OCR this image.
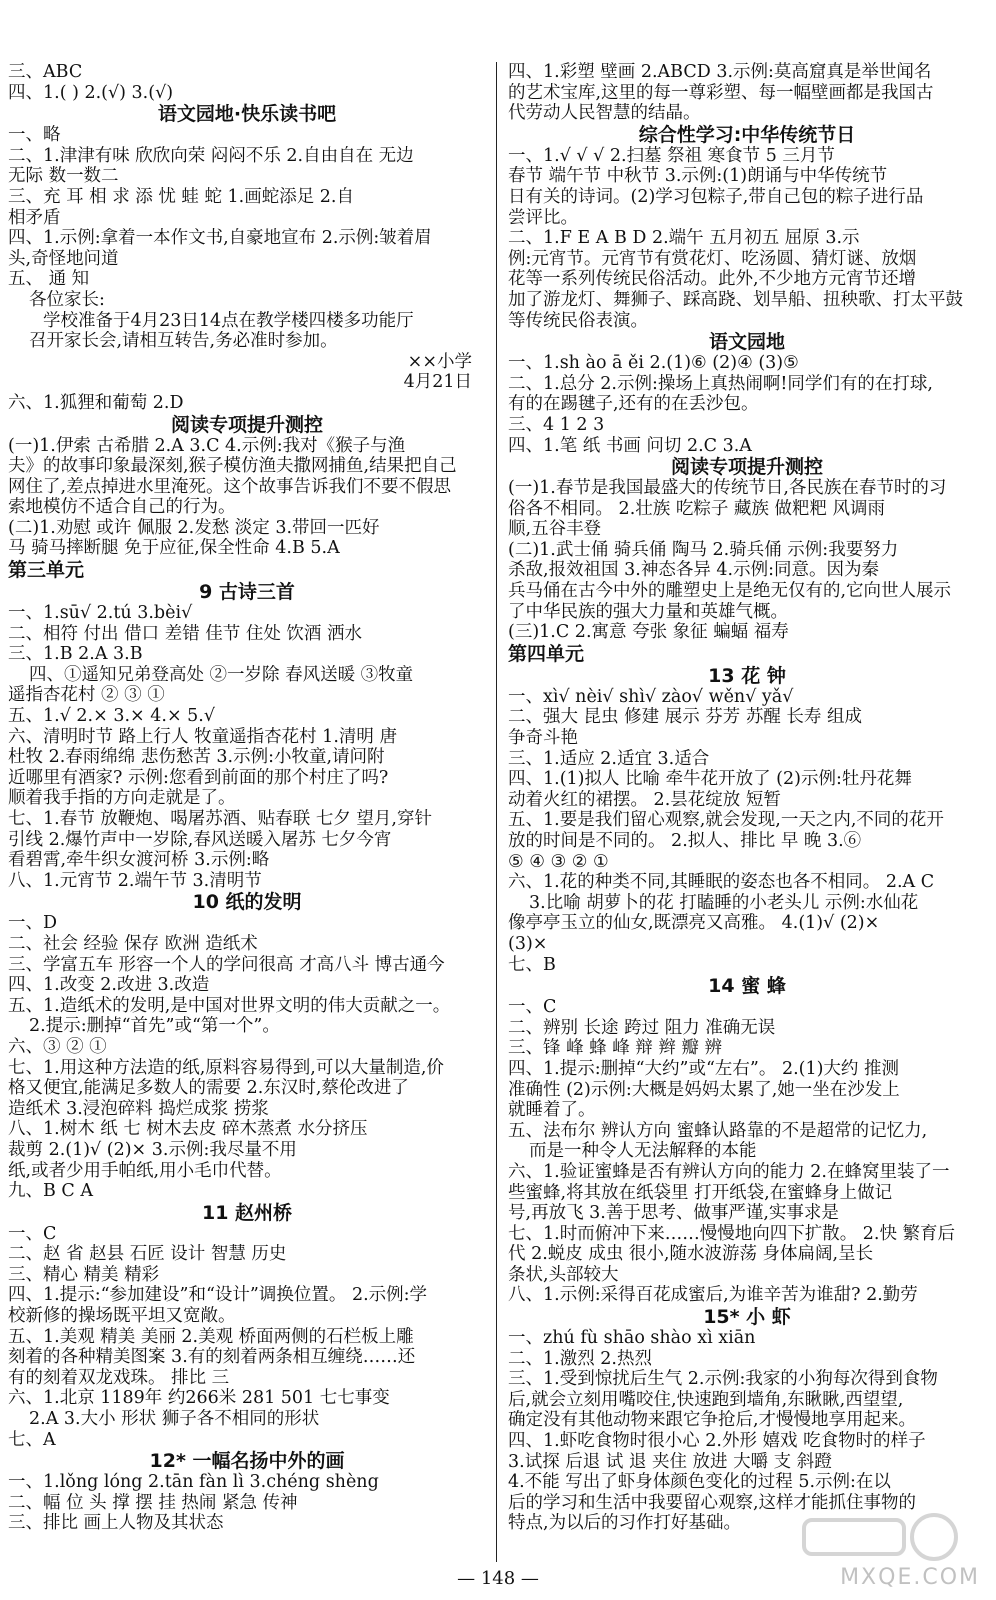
三、ABC
四、1.( ) 2.(√) 3.(√)
语文园地·快乐读书吧
一、略
二、1.津津有味 欣欣向荣 闷闷不乐 2.自由自在 无边
无际 数一数二
三、充 耳 相 求 添 忧 蛙 蛇 1.画蛇添足 2.自
相矛盾
四、1.示例:拿着一本作文书,自豪地宣布 2.示例:皱着眉
头,奇怪地问道
五、 通 知
各位家长:
学校准备于4月23日14点在教学楼四楼多功能厅
召开家长会,请相互转告,务必准时参加。
××小学
4月21日
六、1.狐狸和葡萄 2.D
阅读专项提升测控
(一)1.伊索 古希腊 2.A 3.C 4.示例:我对《猴子与渔
夫》的故事印象最深刻,猴子模仿渔夫撒网捕鱼,结果把自己
网住了,差点掉进水里淹死。这个故事告诉我们不要不假思
索地模仿不适合自己的行为。
(二)1.劝慰 或许 佩服 2.发愁 淡定 3.带回一匹好
马 骑马摔断腿 免于应征,保全性命 4.B 5.A
第三单元
9 古诗三首
一、1.sū√ 2.tú 3.bèi√
二、相符 付出 借口 差错 佳节 住处 饮酒 洒水
三、1.B 2.A 3.B
四、①遥知兄弟登高处 ②一岁除 春风送暖 ③牧童
遥指杏花村 ② ③ ①
五、1.√ 2.× 3.× 4.× 5.√
六、清明时节 路上行人 牧童遥指杏花村 1.清明 唐
杜牧 2.春雨绵绵 悲伤愁苦 3.示例:小牧童,请问附
近哪里有酒家? 示例:您看到前面的那个村庄了吗?
顺着我手指的方向走就是了。
七、1.春节 放鞭炮、喝屠苏酒、贴春联 七夕 望月,穿针
引线 2.爆竹声中一岁除,春风送暖入屠苏 七夕今宵
看碧霄,牵牛织女渡河桥 3.示例:略
八、1.元宵节 2.端午节 3.清明节
10 纸的发明
一、D
二、社会 经验 保存 欧洲 造纸术
三、学富五车 形容一个人的学问很高 才高八斗 博古通今
四、1.改变 2.改进 3.改造
五、1.造纸术的发明,是中国对世界文明的伟大贡献之一。
2.提示:删掉“首先”或“第一个”。
六、③ ② ①
七、1.用这种方法造的纸,原料容易得到,可以大量制造,价
格又便宜,能满足多数人的需要 2.东汉时,蔡伦改进了
造纸术 3.浸泡碎料 捣烂成浆 捞浆
八、1.树木 纸 七 树木去皮 碎木蒸煮 水分挤压
裁剪 2.(1)√ (2)× 3.示例:我尽量不用
纸,或者少用手帕纸,用小毛巾代替。
九、B C A
11 赵州桥
一、C
二、赵 省 赵县 石匠 设计 智慧 历史
三、精心 精美 精彩
四、1.提示:“参加建设”和“设计”调换位置。 2.示例:学
校新修的操场既平坦又宽敞。
五、1.美观 精美 美丽 2.美观 桥面两侧的石栏板上雕
刻着的各种精美图案 3.有的刻着两条相互缠绕……还
有的刻着双龙戏珠。 排比 三
六、1.北京 1189年 约266米 281 501 七七事变
2.A 3.大小 形状 狮子各不相同的形状
七、A
12* 一幅名扬中外的画
一、1.lǒng lóng 2.tān fàn lì 3.chéng shèng
二、幅 位 头 撑 摆 挂 热闹 紧急 传神
三、排比 画上人物及其状态
四、1.彩塑 壁画 2.ABCD 3.示例:莫高窟真是举世闻名
的艺术宝库,这里的每一尊彩塑、每一幅壁画都是我国古
代劳动人民智慧的结晶。
综合性学习:中华传统节日
一、1.√ √ √ 2.扫墓 祭祖 寒食节 5 三月节
春节 端午节 中秋节 3.示例:(1)朗诵与中华传统节
日有关的诗词。(2)学习包粽子,带自己包的粽子进行品
尝评比。
二、1.F E A B D 2.端午 五月初五 屈原 3.示
例:元宵节。元宵节有赏花灯、吃汤圆、猜灯谜、放烟
花等一系列传统民俗活动。此外,不少地方元宵节还增
加了游龙灯、舞狮子、踩高跷、划旱船、扭秧歌、打太平鼓
等传统民俗表演。
语文园地
一、1.sh ào ā ěi 2.(1)⑥ (2)④ (3)⑤
二、1.总分 2.示例:操场上真热闹啊!同学们有的在打球,
有的在踢毽子,还有的在丢沙包。
三、4 1 2 3
四、1.笔 纸 书画 问切 2.C 3.A
阅读专项提升测控
(一)1.春节是我国最盛大的传统节日,各民族在春节时的习
俗各不相同。 2.壮族 吃粽子 藏族 做粑粑 风调雨
顺,五谷丰登
(二)1.武士俑 骑兵俑 陶马 2.骑兵俑 示例:我要努力
杀敌,报效祖国 3.神态各异 4.示例:同意。因为秦
兵马俑在古今中外的雕塑史上是绝无仅有的,它向世人展示
了中华民族的强大力量和英雄气概。
(三)1.C 2.寓意 夸张 象征 蝙蝠 福寿
第四单元
13 花 钟
一、xì√ nèi√ shì√ zào√ wěn√ yǎ√
二、强大 昆虫 修建 展示 芬芳 苏醒 长寿 组成
争奇斗艳
三、1.适应 2.适宜 3.适合
四、1.(1)拟人 比喻 牵牛花开放了 (2)示例:牡丹花舞
动着火红的裙摆。 2.昙花绽放 短暂
五、1.要是我们留心观察,就会发现,一天之内,不同的花开
放的时间是不同的。 2.拟人、排比 早 晚 3.⑥
⑤ ④ ③ ② ①
六、1.花的种类不同,其睡眠的姿态也各不相同。 2.A C
3.比喻 胡萝卜的花 打瞌睡的小老头儿 示例:水仙花
像亭亭玉立的仙女,既漂亮又高雅。 4.(1)√ (2)×
(3)×
七、B
14 蜜 蜂
一、C
二、辨别 长途 跨过 阻力 准确无误
三、锋 峰 蜂 峰 辩 辫 瓣 辨
四、1.提示:删掉“大约”或“左右”。 2.(1)大约 推测
准确性 (2)示例:大概是妈妈太累了,她一坐在沙发上
就睡着了。
五、法布尔 辨认方向 蜜蜂认路靠的不是超常的记忆力,
而是一种令人无法解释的本能
六、1.验证蜜蜂是否有辨认方向的能力 2.在蜂窝里装了一
些蜜蜂,将其放在纸袋里 打开纸袋,在蜜蜂身上做记
号,再放飞 3.善于思考、做事严谨,实事求是
七、1.时而俯冲下来……慢慢地向四下扩散。 2.快 繁育后
代 2.蜕皮 成虫 很小,随水波游荡 身体扁阔,呈长
条状,头部较大
八、1.示例:采得百花成蜜后,为谁辛苦为谁甜? 2.勤劳
15* 小 虾
一、zhú fù shāo shào xì xiān
二、1.激烈 2.热烈
三、1.受到惊扰后生气 2.示例:我家的小狗每次得到食物
后,就会立刻用嘴咬住,快速跑到墙角,东瞅瞅,西望望,
确定没有其他动物来跟它争抢后,才慢慢地享用起来。
四、1.虾吃食物时很小心 2.外形 嬉戏 吃食物时的样子
3.试探 后退 试 退 夹住 放进 大嚼 支 斜蹬
4.不能 写出了虾身体颜色变化的过程 5.示例:在以
后的学习和生活中我要留心观察,这样才能抓住事物的
特点,为以后的习作打好基础。
— 148 —	MXQE.COM
